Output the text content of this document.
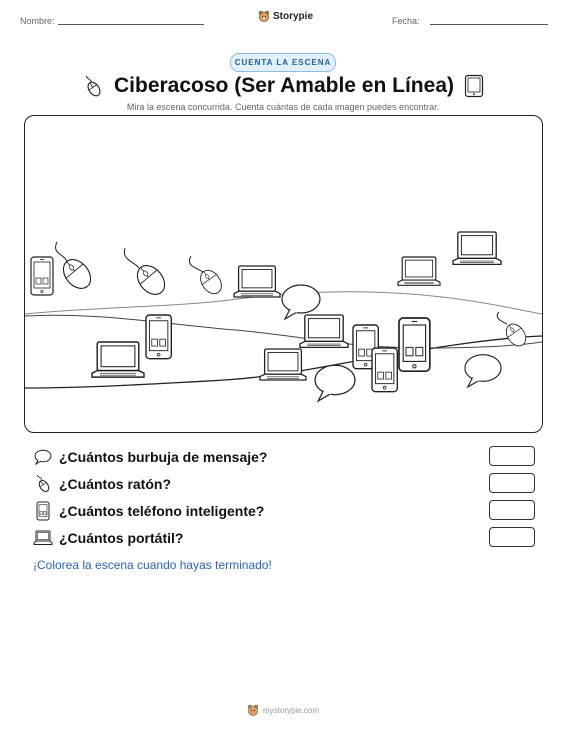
Nombre:	Storypie	Fecha:
CUENTA LA ESCENA
Ciberacoso (Ser Amable en Línea)
Mira la escena concurrida. Cuenta cuántas de cada imagen puedes encontrar.
¿Cuántos burbuja de mensaje?
¿Cuántos ratón?
¿Cuántos teléfono inteligente?
¿Cuántos portátil?
¡Colorea la escena cuando hayas terminado!
mystorypie.com
